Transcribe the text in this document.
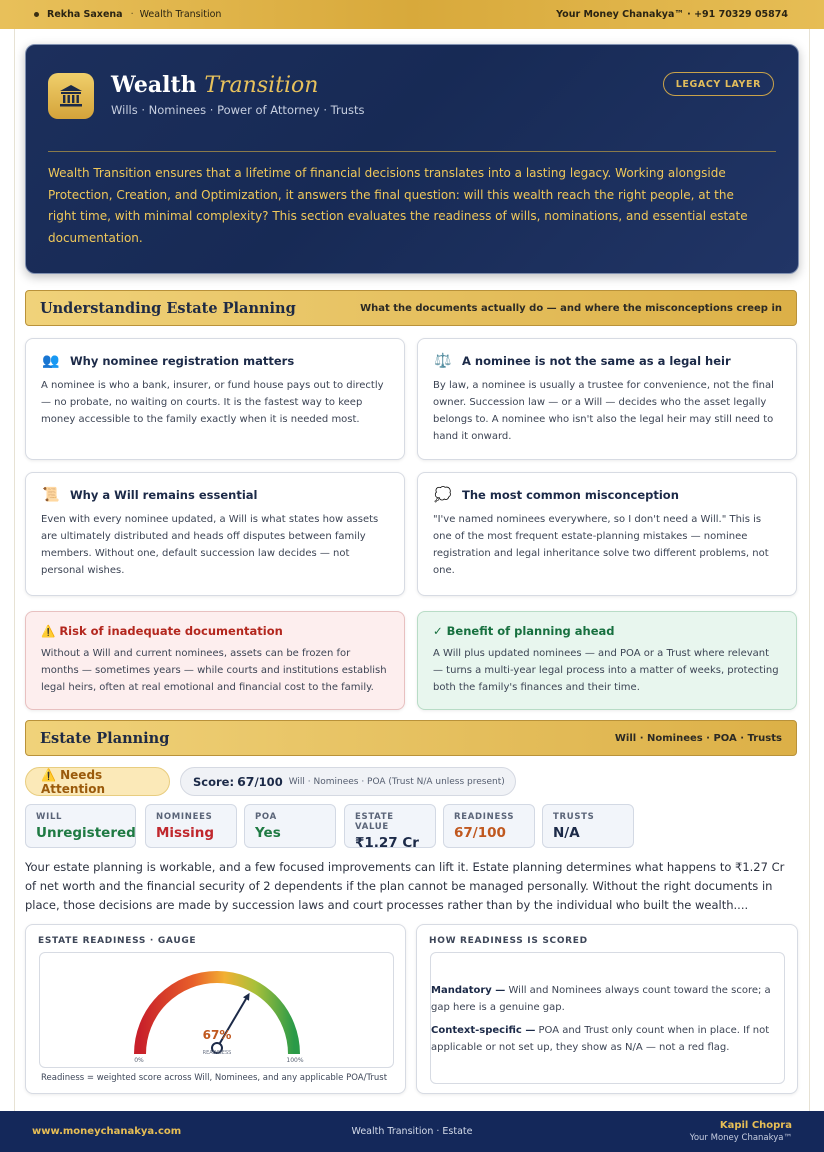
Rekha Saxena · Wealth Transition	Your Money Chanakya™ · +91 70329 05874
Wealth Transition
Wills · Nominees · Power of Attorney · Trusts
LEGACY LAYER
Wealth Transition ensures that a lifetime of financial decisions translates into a lasting legacy. Working alongside Protection, Creation, and Optimization, it answers the final question: will this wealth reach the right people, at the right time, with minimal complexity? This section evaluates the readiness of wills, nominations, and essential estate documentation.
Understanding Estate Planning	What the documents actually do — and where the misconceptions creep in
👥 Why nominee registration matters
A nominee is who a bank, insurer, or fund house pays out to directly — no probate, no waiting on courts. It is the fastest way to keep money accessible to the family exactly when it is needed most.
⚖️ A nominee is not the same as a legal heir
By law, a nominee is usually a trustee for convenience, not the final owner. Succession law — or a Will — decides who the asset legally belongs to. A nominee who isn't also the legal heir may still need to hand it onward.
📜 Why a Will remains essential
Even with every nominee updated, a Will is what states how assets are ultimately distributed and heads off disputes between family members. Without one, default succession law decides — not personal wishes.
💭 The most common misconception
"I've named nominees everywhere, so I don't need a Will." This is one of the most frequent estate-planning mistakes — nominee registration and legal inheritance solve two different problems, not one.
⚠️ Risk of inadequate documentation
Without a Will and current nominees, assets can be frozen for months — sometimes years — while courts and institutions establish legal heirs, often at real emotional and financial cost to the family.
✓ Benefit of planning ahead
A Will plus updated nominees — and POA or a Trust where relevant — turns a multi-year legal process into a matter of weeks, protecting both the family's finances and their time.
Estate Planning	Will · Nominees · POA · Trusts
⚠️ Needs Attention	Score: 67 /100 Will · Nominees · POA (Trust N/A unless present)
WILL
Unregistered
NOMINEES
Missing
POA
Yes
ESTATE VALUE
₹1.27 Cr
READINESS
67/100
TRUSTS
N/A
Your estate planning is workable, and a few focused improvements can lift it. Estate planning determines what happens to ₹1.27 Cr of net worth and the financial security of 2 dependents if the plan cannot be managed personally. Without the right documents in place, those decisions are made by succession laws and court processes rather than by the individual who built the wealth....
ESTATE READINESS · GAUGE
67%
READINESS
0%	100%
Readiness = weighted score across Will, Nominees, and any applicable POA/Trust
HOW READINESS IS SCORED

Mandatory — Will and Nominees always count toward the score; a gap here is a genuine gap.

Context-specific — POA and Trust only count when in place. If not applicable or not set up, they show as N/A — not a red flag.

www.moneychanakya.com	Wealth Transition · Estate
Kapil Chopra
Your Money Chanakya™
